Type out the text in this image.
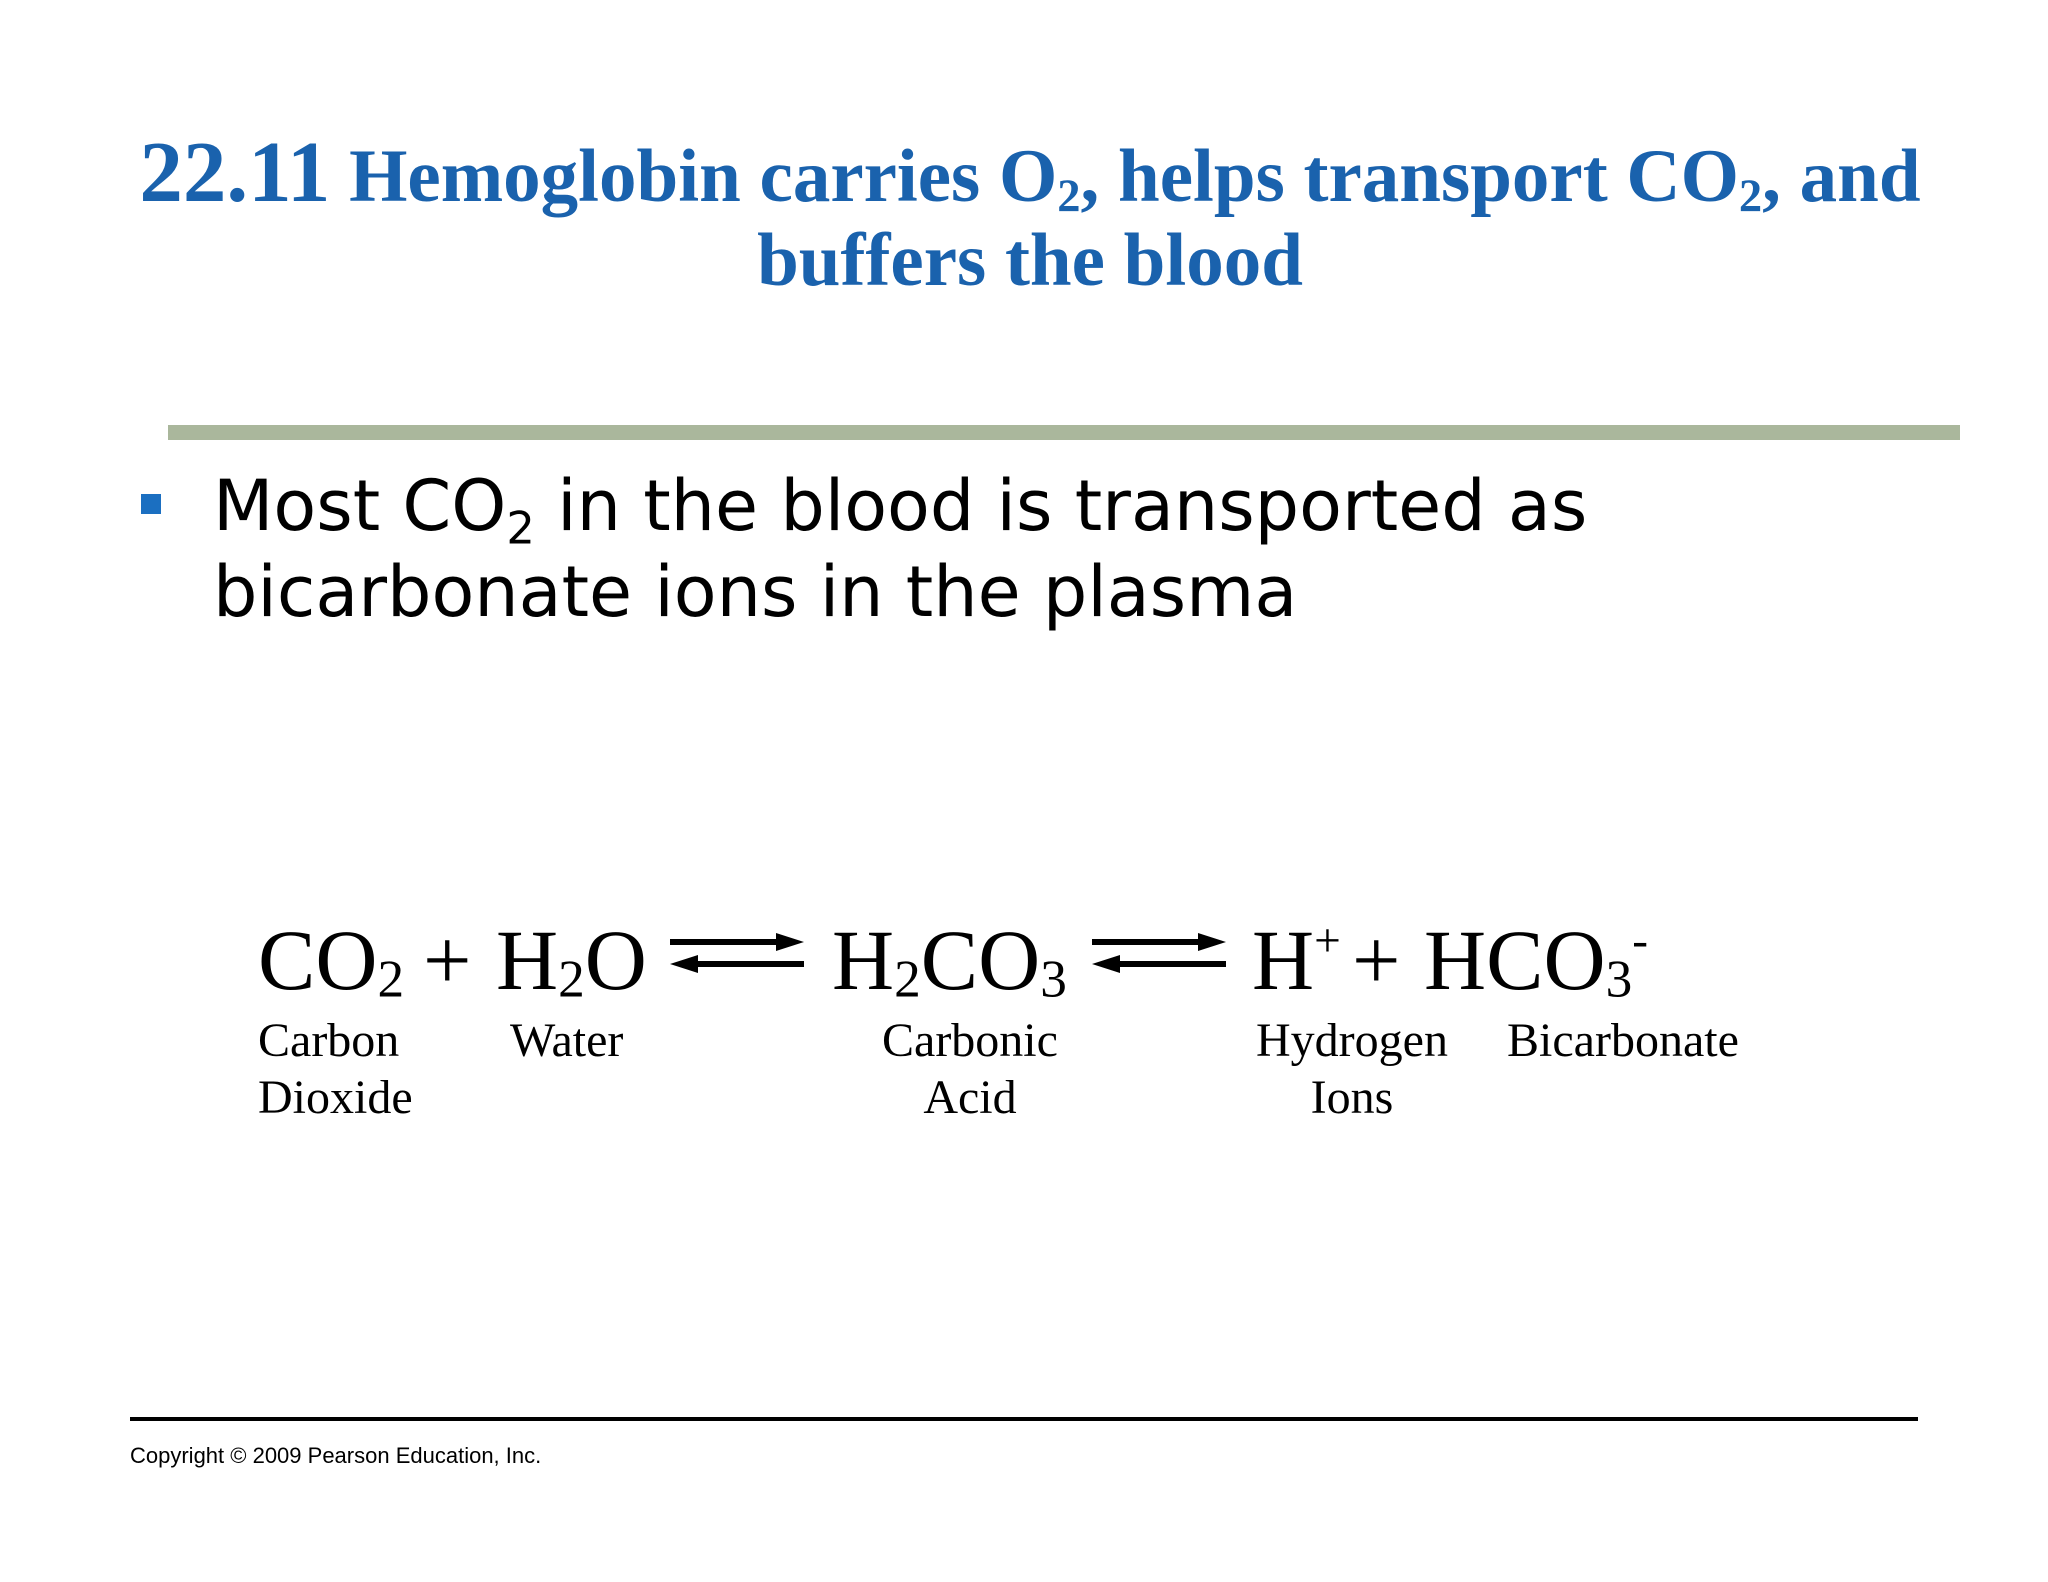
22.11 Hemoglobin carries $O_2$, helps transport $CO_2$, and
buffers the blood
Most $CO_2$ in the blood is transported as bicarbonate ions in the plasma
$CO_2 + H_2O$ $H_2CO_3$ $H^+ + HCO_3^-$
Carbon
Dioxide
Water	Carbonic
Acid
Hydrogen
Ions
Bicarbonate
Copyright © 2009 Pearson Education, Inc.
